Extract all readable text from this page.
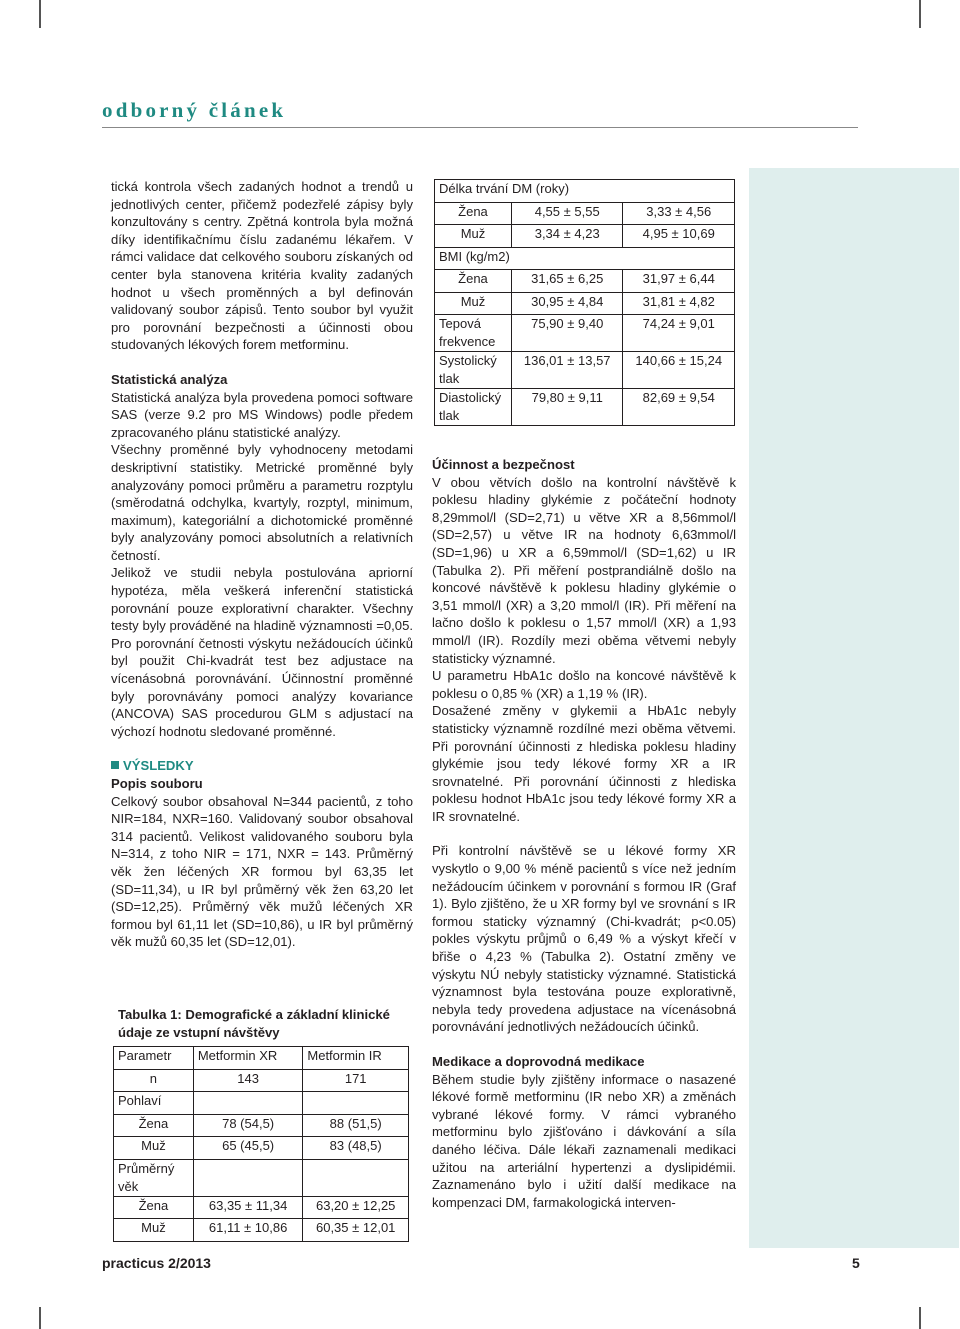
odborný článek

tická kontrola všech zadaných hodnot a trendů u jednotlivých center, přičemž podezřelé zápisy byly konzultovány s centry. Zpětná kontrola byla možná díky identifikačnímu číslu zadanému lékařem. V rámci validace dat celkového souboru získaných od center byla stanovena kritéria kvality zadaných hodnot u všech proměnných a byl definován validovaný soubor zápisů. Tento soubor byl využit pro porovnání bezpečnosti a účinnosti obou studovaných lékových forem metforminu.

Statistická analýza

Statistická analýza byla provedena pomoci software SAS (verze 9.2 pro MS Windows) podle předem zpracovaného plánu statistické analýzy.

Všechny proměnné byly vyhodnoceny metodami deskriptivní statistiky. Metrické proměnné byly analyzovány pomoci průměru a parametru rozptylu (směrodatná odchylka, kvartyly, rozptyl, minimum, maximum), kategoriální a dichotomické proměnné byly analyzovány pomoci absolutních a relativních četností.

Jelikož ve studii nebyla postulována apriorní hypotéza, měla veškerá inferenční statistická porovnání pouze explorativní charakter. Všechny testy byly prováděné na hladině významnosti =0,05. Pro porovnání četnosti výskytu nežádoucích účinků byl použit Chi-kvadrát test bez adjustace na vícenásobná porovnávání. Účinnostní proměnné byly porovnávány pomoci analýzy kovariance (ANCOVA) SAS procedurou GLM s adjustací na výchozí hodnotu sledované proměnné.

VÝSLEDKY

Popis souboru

Celkový soubor obsahoval N=344 pacientů, z toho NIR=184, NXR=160. Validovaný soubor obsahoval 314 pacientů. Velikost validovaného souboru byla N=314, z toho NIR = 171, NXR = 143. Průměrný věk žen léčených XR formou byl 63,35 let (SD=11,34), u IR byl průměrný věk žen 63,20 let (SD=12,25). Průměrný věk mužů léčených XR formou byl 61,11 let (SD=10,86), u IR byl průměrný věk mužů 60,35 let (SD=12,01).

Tabulka 1: Demografické a základní klinické údaje ze vstupní návštěvy
Parametr	Metformin XR	Metformin IR
n	143	171
Pohlaví		
Žena	78 (54,5)	88 (51,5)
Muž	65 (45,5)	83 (48,5)
Průměrný věk		
Žena	63,35 ± 11,34	63,20 ± 12,25
Muž	61,11 ± 10,86	60,35 ± 12,01
Délka trvání DM (roky)		
Žena	4,55 ± 5,55	3,33 ± 4,56
Muž	3,34 ± 4,23	4,95 ± 10,69
BMI (kg/m2)		
Žena	31,65 ± 6,25	31,97 ± 6,44
Muž	30,95 ± 4,84	31,81 ± 4,82
Tepová frekvence	75,90 ± 9,40	74,24 ± 9,01
Systolický tlak	136,01 ± 13,57	140,66 ± 15,24
Diastolický tlak	79,80 ± 9,11	82,69 ± 9,54

Účinnost a bezpečnost

V obou větvích došlo na kontrolní návštěvě k poklesu hladiny glykémie z počáteční hodnoty 8,29mmol/l (SD=2,71) u větve XR a 8,56mmol/l (SD=2,57) u větve IR na hodnoty 6,63mmol/l (SD=1,96) u XR a 6,59mmol/l (SD=1,62) u IR (Tabulka 2). Při měření postprandiálně došlo na koncové návštěvě k poklesu hladiny glykémie o 3,51 mmol/l (XR) a 3,20 mmol/l (IR). Při měření na lačno došlo k poklesu o 1,57 mmol/l (XR) a 1,93 mmol/l (IR). Rozdíly mezi oběma větvemi nebyly statisticky významné.

U parametru HbA1c došlo na koncové návštěvě k poklesu o 0,85 % (XR) a 1,19 % (IR).

Dosažené změny v glykemii a HbA1c nebyly statisticky významně rozdílné mezi oběma větvemi. Při porovnání účinnosti z hlediska poklesu hladiny glykémie jsou tedy lékové formy XR a IR srovnatelné. Při porovnání účinnosti z hlediska poklesu hodnot HbA1c jsou tedy lékové formy XR a IR srovnatelné.

Při kontrolní návštěvě se u lékové formy XR vyskytlo o 9,00 % méně pacientů s více než jedním nežádoucím účinkem v porovnání s formou IR (Graf 1). Bylo zjištěno, že u XR formy byl ve srovnání s IR formou staticky významný (Chi-kvadrát; p<0.05) pokles výskytu průjmů o 6,49 % a výskyt křečí v břiše o 4,23 % (Tabulka 2). Ostatní změny ve výskytu NÚ nebyly statisticky významné. Statistická významnost byla testována pouze explorativně, nebyla tedy provedena adjustace na vícenásobná porovnávání jednotlivých nežádoucích účinků.

Medikace a doprovodná medikace

Během studie byly zjištěny informace o nasazené lékové formě metforminu (IR nebo XR) a změnách vybrané lékové formy. V rámci vybraného metforminu bylo zjišťováno i dávkování a síla daného léčiva. Dále lékaři zaznamenali medikaci užitou na arteriální hypertenzi a dyslipidémii. Zaznamenáno bylo i užití další medikace na kompenzaci DM, farmakologická interven-

practicus 2/2013	5
